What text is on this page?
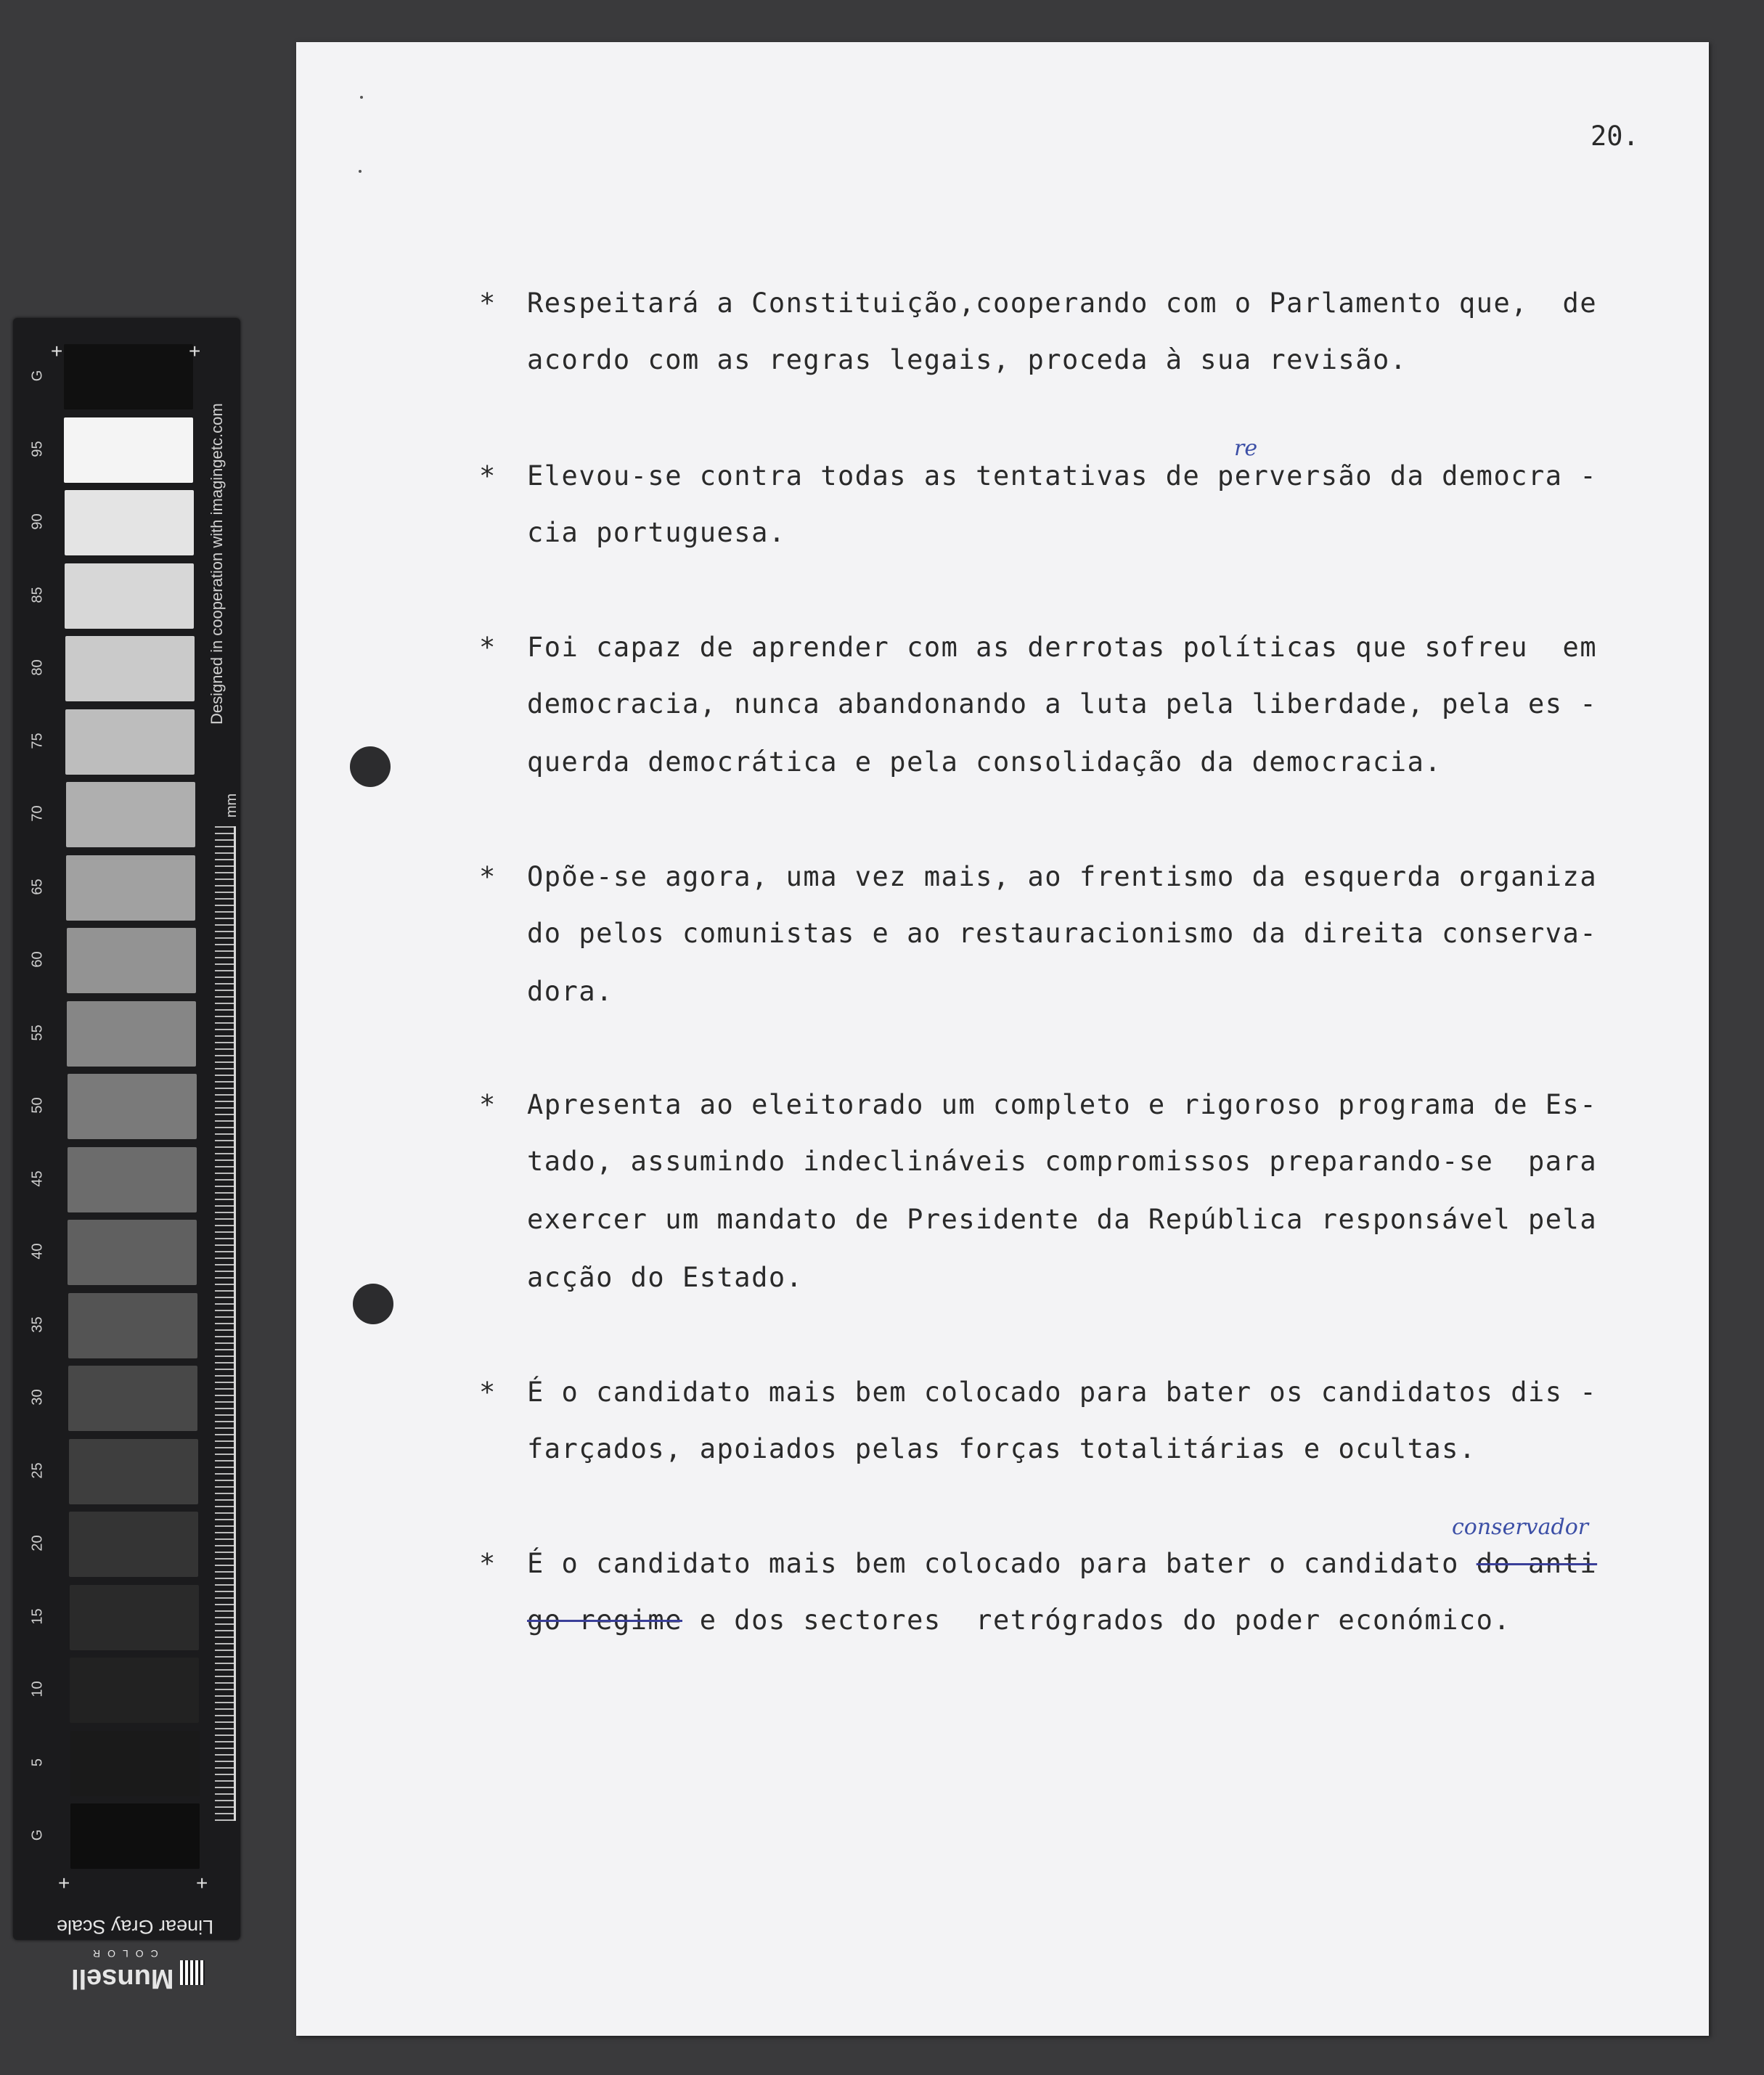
G
95
90
85
80
75
70
65
60
55
50
45
40
35
30
25
20
15
10
5
G
+	+
+	+
Designed in cooperation with imagingetc.com
mm
Linear Gray Scale
COLOR
Munsell
20.
* Respeitará a Constituição,cooperando com o Parlamento que,  de
acordo com as regras legais, proceda à sua revisão.
*
re
Elevou-se contra todas as tentativas de perversão da democra -
cia portuguesa.
* Foi capaz de aprender com as derrotas políticas que sofreu  em
democracia, nunca abandonando a luta pela liberdade, pela es -
querda democrática e pela consolidação da democracia.
* Opõe-se agora, uma vez mais, ao frentismo da esquerda organiza
do pelos comunistas e ao restauracionismo da direita conserva-
dora.
* Apresenta ao eleitorado um completo e rigoroso programa de Es-
tado, assumindo indeclináveis compromissos preparando-se  para
exercer um mandato de Presidente da República responsável pela
acção do Estado.
* É o candidato mais bem colocado para bater os candidatos dis -
farçados, apoiados pelas forças totalitárias e ocultas.
*
conservador
É o candidato mais bem colocado para bater o candidato do anti
go regime e dos sectores  retrógrados do poder económico.
